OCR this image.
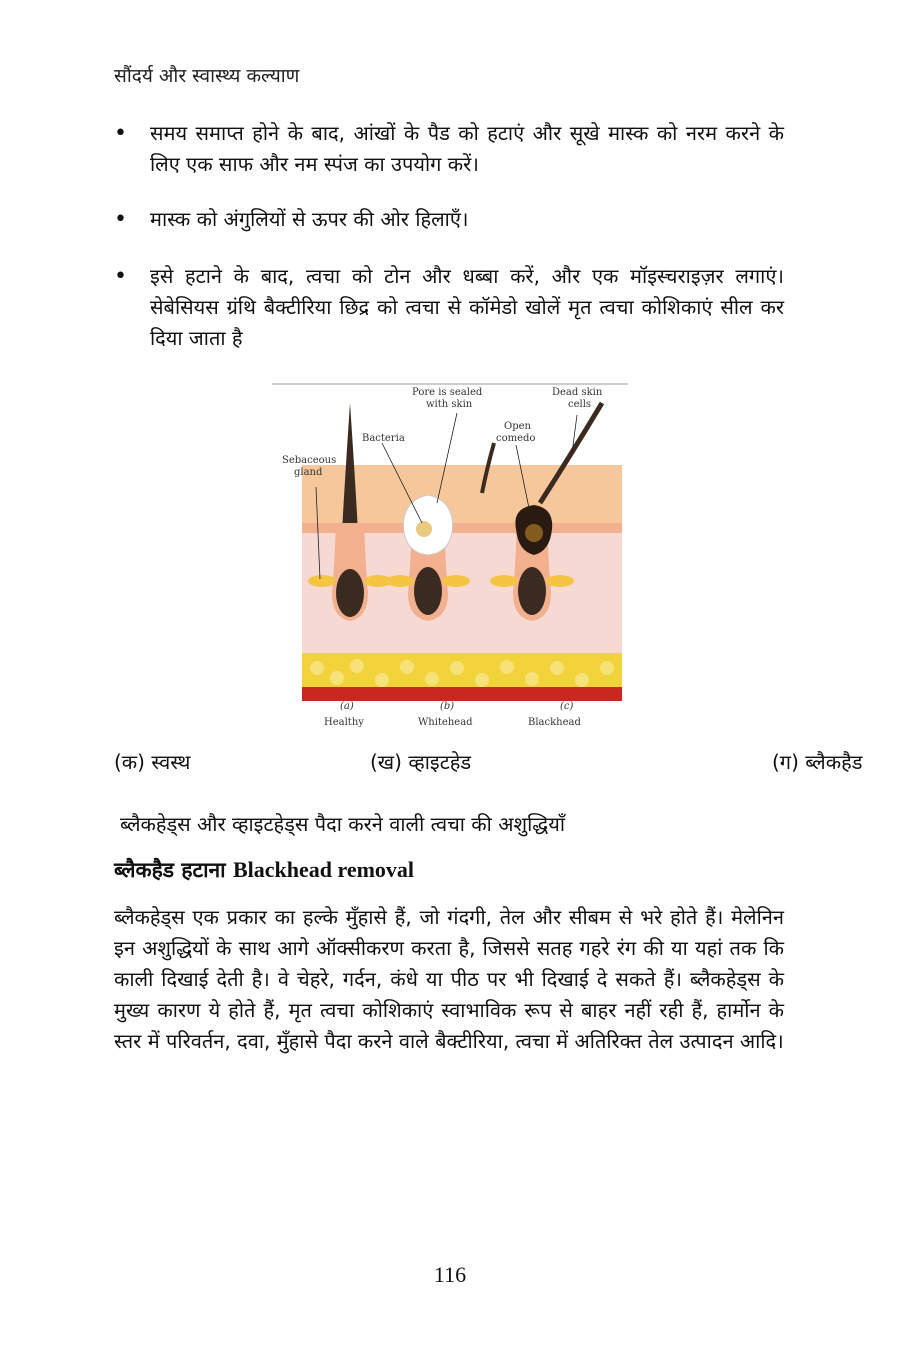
सौंदर्य और स्वास्थ्य कल्याण
• समय समाप्त होने के बाद, आंखों के पैड को हटाएं और सूखे मास्क को नरम करने के लिए एक साफ और नम स्पंज का उपयोग करें।
• मास्क को अंगुलियों से ऊपर की ओर हिलाएँ।
• इसे हटाने के बाद, त्वचा को टोन और धब्बा करें, और एक मॉइस्चराइज़र लगाएं। सेबेसियस ग्रंथि बैक्टीरिया छिद्र को त्वचा से कॉमेडो खोलें मृत त्वचा कोशिकाएं सील कर दिया जाता है
Sebaceous
gland
Bacteria
Pore is sealed
with skin
Open
comedo
Dead skin
cells
(a)
Healthy
(b)
Whitehead
(c)
Blackhead
(क) स्वस्थ	(ख) व्हाइटहेड	(ग) ब्लैकहैड
ब्लैकहेड्स और व्हाइटहेड्स पैदा करने वाली त्वचा की अशुद्धियाँ
ब्लैकहैड हटाना Blackhead removal
ब्लैकहेड्स एक प्रकार का हल्के मुँहासे हैं, जो गंदगी, तेल और सीबम से भरे होते हैं। मेलेनिन इन अशुद्धियों के साथ आगे ऑक्सीकरण करता है, जिससे सतह गहरे रंग की या यहां तक कि काली दिखाई देती है। वे चेहरे, गर्दन, कंधे या पीठ पर भी दिखाई दे सकते हैं। ब्लैकहेड्स के मुख्य कारण ये होते हैं, मृत त्वचा कोशिकाएं स्वाभाविक रूप से बाहर नहीं रही हैं, हार्मोन के स्तर में परिवर्तन, दवा, मुँहासे पैदा करने वाले बैक्टीरिया, त्वचा में अतिरिक्त तेल उत्पादन आदि।
116
